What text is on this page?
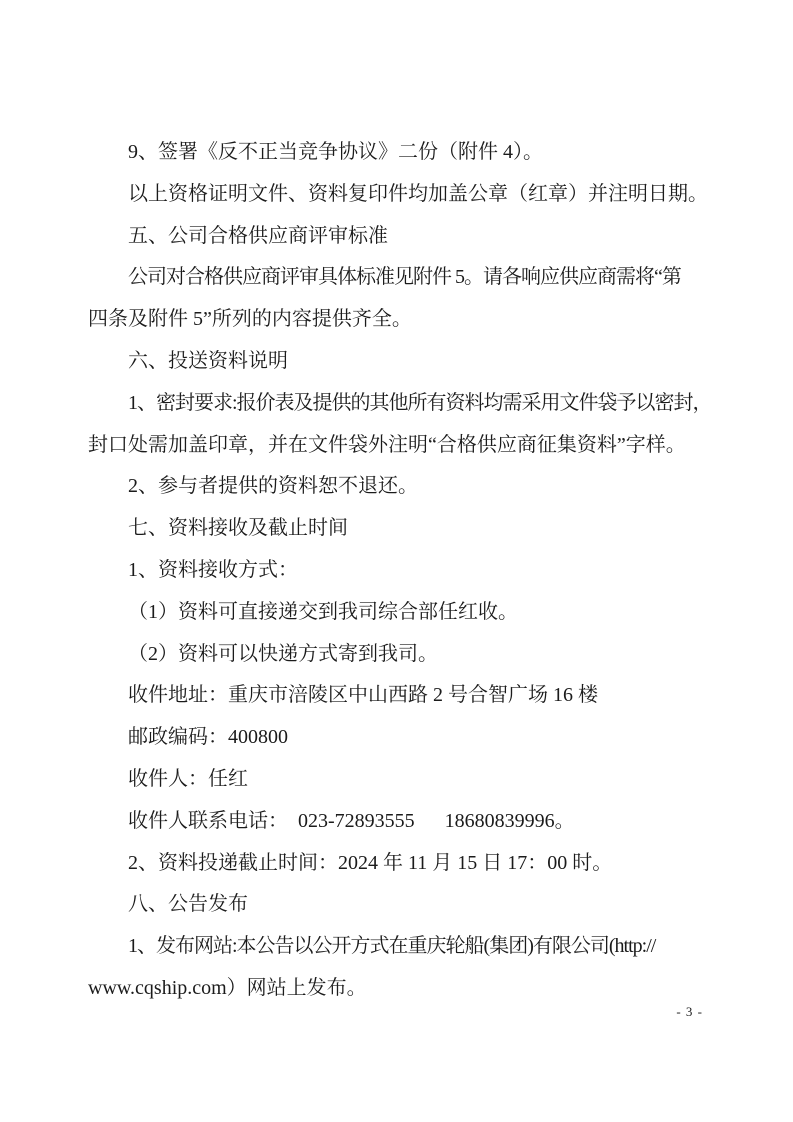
9、签署《反不正当竞争协议》二份（附件 4）。
以上资格证明文件、资料复印件均加盖公章（红章）并注明日期。
五、公司合格供应商评审标准
公司对合格供应商评审具体标准见附件 5。请各响应供应商需将“第
四条及附件 5”所列的内容提供齐全。
六、投送资料说明
1、密封要求:报价表及提供的其他所有资料均需采用文件袋予以密封，
封口处需加盖印章，并在文件袋外注明“合格供应商征集资料”字样。
2、参与者提供的资料恕不退还。
七、资料接收及截止时间
1、资料接收方式：
（1）资料可直接递交到我司综合部任红收。
（2）资料可以快递方式寄到我司。
收件地址：重庆市涪陵区中山西路 2 号合智广场 16 楼
邮政编码：400800
收件人：任红
收件人联系电话：  023-72893555      18680839996。
2、资料投递截止时间：2024 年 11 月 15 日 17：00 时。
八、公告发布
1、发布网站:本公告以公开方式在重庆轮船(集团)有限公司(http://
www.cqship.com）网站上发布。
- 3 -
